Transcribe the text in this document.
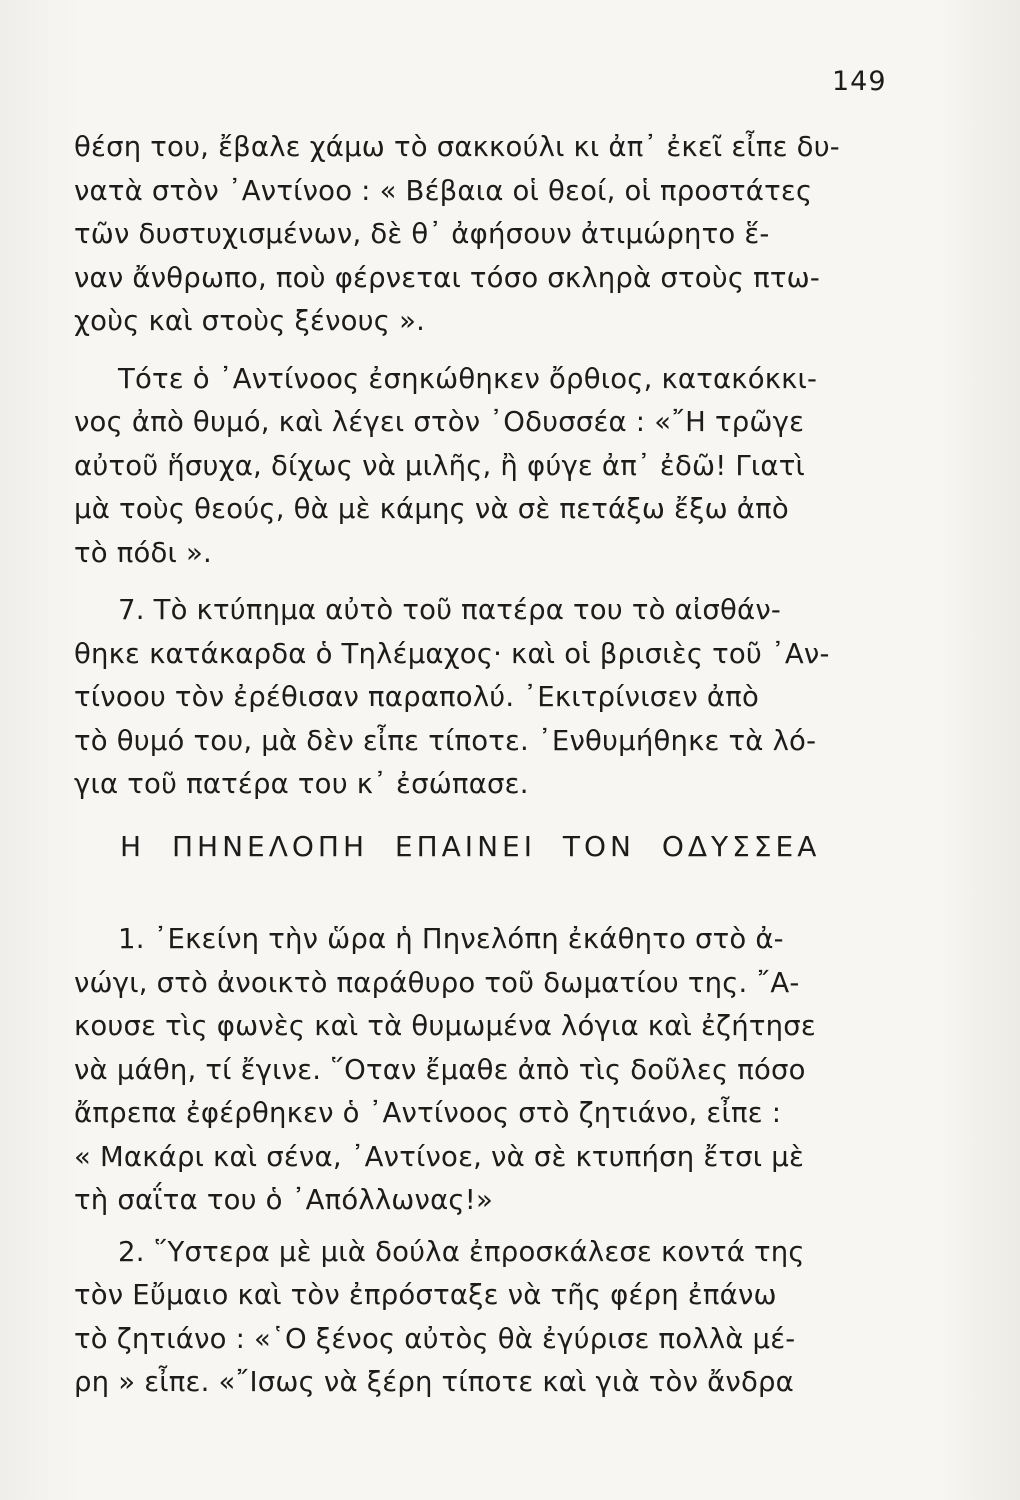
149
θέση του, ἔβαλε χάμω τὸ σακκούλι κι ἀπ᾿ ἐκεῖ εἶπε δυ-
νατὰ στὸν ᾿Αντίνοο : « Βέβαια οἱ θεοί, οἱ προστάτες
τῶν δυστυχισμένων, δὲ θ᾿ ἀφήσουν ἀτιμώρητο ἕ-
ναν ἄνθρωπο, ποὺ φέρνεται τόσο σκληρὰ στοὺς πτω-
χοὺς καὶ στοὺς ξένους ».
Τότε ὁ ᾿Αντίνοος ἐσηκώθηκεν ὄρθιος, κατακόκκι-
νος ἀπὸ θυμό, καὶ λέγει στὸν ᾿Οδυσσέα : «῎Η τρῶγε
αὐτοῦ ἥσυχα, δίχως νὰ μιλῆς, ἢ φύγε ἀπ᾿ ἐδῶ! Γιατὶ
μὰ τοὺς θεούς, θὰ μὲ κάμης νὰ σὲ πετάξω ἔξω ἀπὸ
τὸ πόδι ».
7. Τὸ κτύπημα αὐτὸ τοῦ πατέρα του τὸ αἰσθάν-
θηκε κατάκαρδα ὁ Τηλέμαχος· καὶ οἱ βρισιὲς τοῦ ᾿Αν-
τίνοου τὸν ἐρέθισαν παραπολύ. ᾿Εκιτρίνισεν ἀπὸ
τὸ θυμό του, μὰ δὲν εἶπε τίποτε. ᾿Ενθυμήθηκε τὰ λό-
για τοῦ πατέρα του κ᾿ ἐσώπασε.
Η ΠΗΝΕΛΟΠΗ ΕΠΑΙΝΕΙ ΤΟΝ ΟΔΥΣΣΕΑ
1. ᾿Εκείνη τὴν ὥρα ἡ Πηνελόπη ἐκάθητο στὸ ἀ-
νώγι, στὸ ἀνοικτὸ παράθυρο τοῦ δωματίου της. ῎Α-
κουσε τὶς φωνὲς καὶ τὰ θυμωμένα λόγια καὶ ἐζήτησε
νὰ μάθη, τί ἔγινε. ῞Οταν ἔμαθε ἀπὸ τὶς δοῦλες πόσο
ἄπρεπα ἐφέρθηκεν ὁ ᾿Αντίνοος στὸ ζητιάνο, εἶπε :
« Μακάρι καὶ σένα, ᾿Αντίνοε, νὰ σὲ κτυπήση ἔτσι μὲ
τὴ σαΐτα του ὁ ᾿Απόλλωνας!»
2. ῞Υστερα μὲ μιὰ δούλα ἐπροσκάλεσε κοντά της
τὸν Εὔμαιο καὶ τὸν ἐπρόσταξε νὰ τῆς φέρη ἐπάνω
τὸ ζητιάνο : «῾Ο ξένος αὐτὸς θὰ ἐγύρισε πολλὰ μέ-
ρη » εἶπε. «῎Ισως νὰ ξέρη τίποτε καὶ γιὰ τὸν ἄνδρα
